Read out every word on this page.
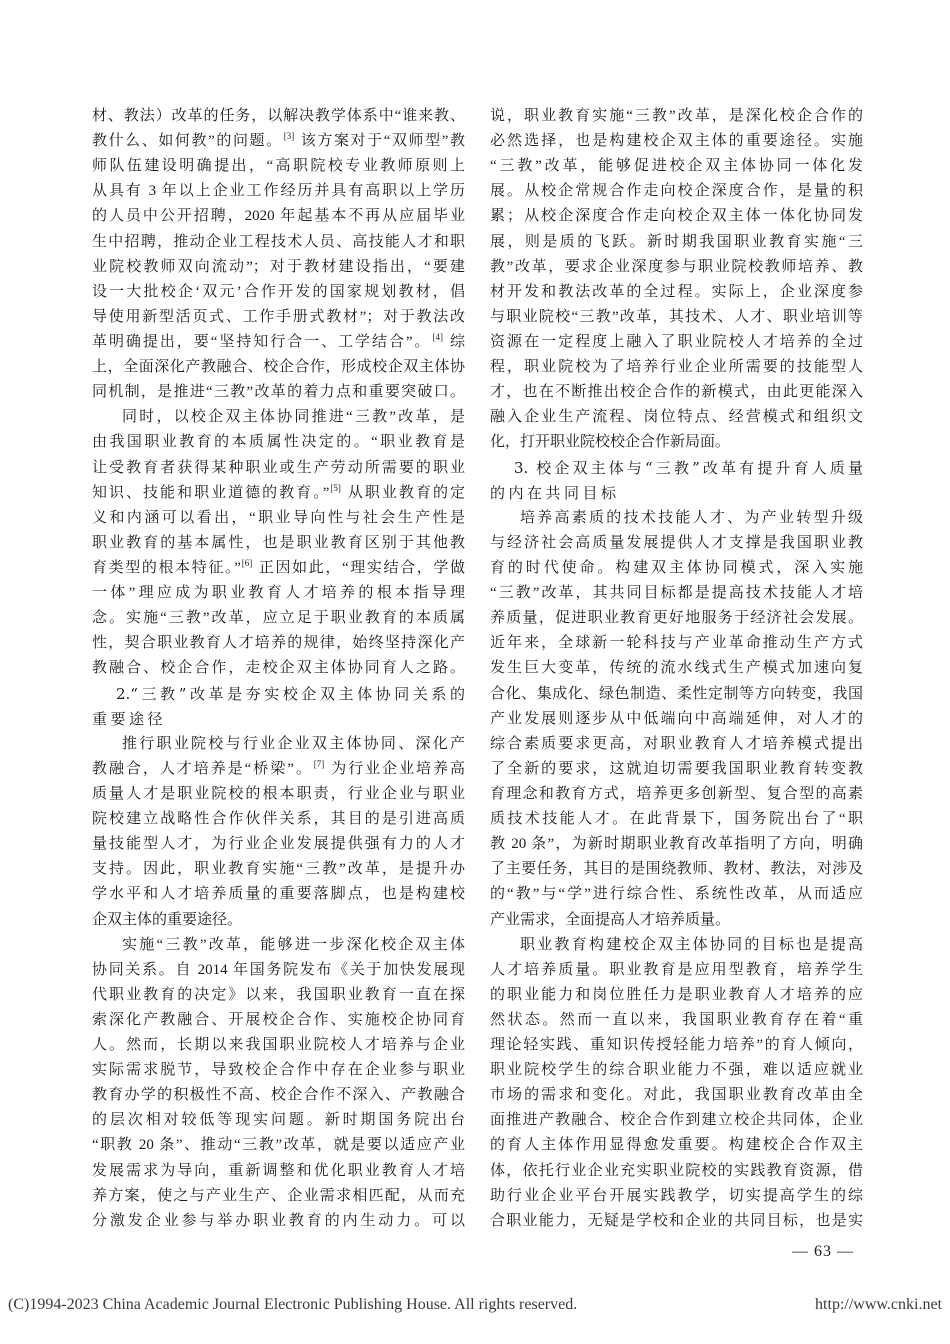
材、教法）改革的任务，以解决教学体系中“谁来教、
教什么、如何教”的问题。[3] 该方案对于“双师型”教
师队伍建设明确提出，“高职院校专业教师原则上
从具有 3 年以上企业工作经历并具有高职以上学历
的人员中公开招聘，2020 年起基本不再从应届毕业
生中招聘，推动企业工程技术人员、高技能人才和职
业院校教师双向流动”；对于教材建设指出，“要建
设一大批校企‘双元’合作开发的国家规划教材，倡
导使用新型活页式、工作手册式教材”；对于教法改
革明确提出，要“坚持知行合一、工学结合”。[4] 综
上，全面深化产教融合、校企合作，形成校企双主体协
同机制，是推进“三教”改革的着力点和重要突破口。
同时，以校企双主体协同推进“三教”改革，是
由我国职业教育的本质属性决定的。“职业教育是
让受教育者获得某种职业或生产劳动所需要的职业
知识、技能和职业道德的教育。”[5] 从职业教育的定
义和内涵可以看出，“职业导向性与社会生产性是
职业教育的基本属性，也是职业教育区别于其他教
育类型的根本特征。”[6] 正因如此，“理实结合，学做
一体”理应成为职业教育人才培养的根本指导理
念。实施“三教”改革，应立足于职业教育的本质属
性，契合职业教育人才培养的规律，始终坚持深化产
教融合、校企合作，走校企双主体协同育人之路。
2.“三教”改革是夯实校企双主体协同关系的
重要途径
推行职业院校与行业企业双主体协同、深化产
教融合，人才培养是“桥梁”。[7] 为行业企业培养高
质量人才是职业院校的根本职责，行业企业与职业
院校建立战略性合作伙伴关系，其目的是引进高质
量技能型人才，为行业企业发展提供强有力的人才
支持。因此，职业教育实施“三教”改革，是提升办
学水平和人才培养质量的重要落脚点，也是构建校
企双主体的重要途径。
实施“三教”改革，能够进一步深化校企双主体
协同关系。自 2014 年国务院发布《关于加快发展现
代职业教育的决定》以来，我国职业教育一直在探
索深化产教融合、开展校企合作、实施校企协同育
人。然而，长期以来我国职业院校人才培养与企业
实际需求脱节，导致校企合作中存在企业参与职业
教育办学的积极性不高、校企合作不深入、产教融合
的层次相对较低等现实问题。新时期国务院出台
“职教 20 条”、推动“三教”改革，就是要以适应产业
发展需求为导向，重新调整和优化职业教育人才培
养方案，使之与产业生产、企业需求相匹配，从而充
分激发企业参与举办职业教育的内生动力。可以
说，职业教育实施“三教”改革，是深化校企合作的
必然选择，也是构建校企双主体的重要途径。实施
“三教”改革，能够促进校企双主体协同一体化发
展。从校企常规合作走向校企深度合作，是量的积
累；从校企深度合作走向校企双主体一体化协同发
展，则是质的飞跃。新时期我国职业教育实施“三
教”改革，要求企业深度参与职业院校教师培养、教
材开发和教法改革的全过程。实际上，企业深度参
与职业院校“三教”改革，其技术、人才、职业培训等
资源在一定程度上融入了职业院校人才培养的全过
程，职业院校为了培养行业企业所需要的技能型人
才，也在不断推出校企合作的新模式，由此更能深入
融入企业生产流程、岗位特点、经营模式和组织文
化，打开职业院校校企合作新局面。
3. 校企双主体与“三教”改革有提升育人质量
的内在共同目标
培养高素质的技术技能人才、为产业转型升级
与经济社会高质量发展提供人才支撑是我国职业教
育的时代使命。构建双主体协同模式，深入实施
“三教”改革，其共同目标都是提高技术技能人才培
养质量，促进职业教育更好地服务于经济社会发展。
近年来，全球新一轮科技与产业革命推动生产方式
发生巨大变革，传统的流水线式生产模式加速向复
合化、集成化、绿色制造、柔性定制等方向转变，我国
产业发展则逐步从中低端向中高端延伸，对人才的
综合素质要求更高，对职业教育人才培养模式提出
了全新的要求，这就迫切需要我国职业教育转变教
育理念和教育方式，培养更多创新型、复合型的高素
质技术技能人才。在此背景下，国务院出台了“职
教 20 条”，为新时期职业教育改革指明了方向，明确
了主要任务，其目的是围绕教师、教材、教法，对涉及
的“教”与“学”进行综合性、系统性改革，从而适应
产业需求，全面提高人才培养质量。
职业教育构建校企双主体协同的目标也是提高
人才培养质量。职业教育是应用型教育，培养学生
的职业能力和岗位胜任力是职业教育人才培养的应
然状态。然而一直以来，我国职业教育存在着“重
理论轻实践、重知识传授轻能力培养”的育人倾向，
职业院校学生的综合职业能力不强，难以适应就业
市场的需求和变化。对此，我国职业教育改革由全
面推进产教融合、校企合作到建立校企共同体，企业
的育人主体作用显得愈发重要。构建校企合作双主
体，依托行业企业充实职业院校的实践教育资源，借
助行业企业平台开展实践教学，切实提高学生的综
合职业能力，无疑是学校和企业的共同目标，也是实
— 63 —
(C)1994-2023 China Academic Journal Electronic Publishing House. All rights reserved.	http://www.cnki.net
